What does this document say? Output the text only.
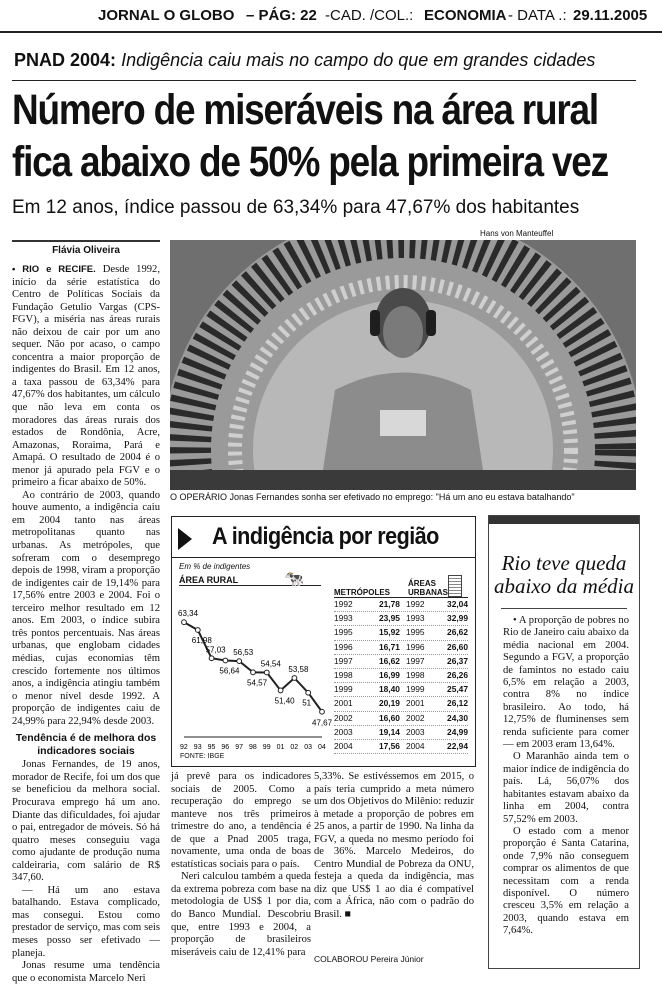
JORNAL O GLOBO – PÁG: 22 -CAD. /COL.: ECONOMIA - DATA .: 29.11.2005
PNAD 2004: Indigência caiu mais no campo do que em grandes cidades
Número de miseráveis na área rural
fica abaixo de 50% pela primeira vez
Em 12 anos, índice passou de 63,34% para 47,67% dos habitantes
Flávia Oliveira

• RIO e RECIFE. Desde 1992, início da série estatística do Centro de Políticas Sociais da Fundação Getulio Vargas (CPS-FGV), a miséria nas áreas rurais não deixou de cair por um ano sequer. Não por acaso, o campo concentra a maior proporção de indigentes do Brasil. Em 12 anos, a taxa passou de 63,34% para 47,67% dos habitantes, um cálculo que não leva em conta os moradores das áreas rurais dos estados de Rondônia, Acre, Amazonas, Roraima, Pará e Amapá. O resultado de 2004 é o menor já apurado pela FGV e o primeiro a ficar abaixo de 50%.

Ao contrário de 2003, quando houve aumento, a indigência caiu em 2004 tanto nas áreas metropolitanas quanto nas urbanas. As metrópoles, que sofreram com o desemprego depois de 1998, viram a proporção de indigentes cair de 19,14% para 17,56% entre 2003 e 2004. Foi o terceiro melhor resultado em 12 anos. Em 2003, o índice subira três pontos percentuais. Nas áreas urbanas, que englobam cidades médias, cujas economias têm crescido fortemente nos últimos anos, a indigência atingiu também o menor nível desde 1992. A proporção de indigentes caiu de 24,99% para 22,94% desde 2003.

Tendência é de melhora dos indicadores sociais

Jonas Fernandes, de 19 anos, morador de Recife, foi um dos que se beneficiou da melhora social. Procurava emprego há um ano. Diante das dificuldades, foi ajudar o pai, entregador de móveis. Só há quatro meses conseguiu vaga como ajudante de produção numa caldeiraria, com salário de R$ 347,60.

— Há um ano estava batalhando. Estava complicado, mas consegui. Estou como prestador de serviço, mas com seis meses posso ser efetivado — planeja.

Jonas resume uma tendência que o economista Marcelo Neri

Hans von Manteuffel
O OPERÁRIO Jonas Fernandes sonha ser efetivado no emprego: "Há um ano eu estava batalhando"
A indigência por região
Em % de indigentes
ÁREA RURAL	🐄
63,34
92
61,98
93
57,03
95
56,64
96
56,53
97
54,57
98
54,54
99
51,40
01
53,58
02
51
03
47,67
04
FONTE: IBGE
METRÓPOLES
ÁREAS URBANAS
1992	21,78 1992	32,04
1993	23,95 1993	32,99
1995	15,92 1995	26,62
1996	16,71 1996	26,60
1997	16,62 1997	26,37
1998	16,99 1998	26,26
1999	18,40 1999	25,47
2001	20,19 2001	26,12
2002	16,60 2002	24,30
2003	19,14 2003	24,99
2004	17,56 2004	22,94

já prevê para os indicadores sociais de 2005. Como a recuperação do emprego se manteve nos três primeiros trimestre do ano, a tendência é de que a Pnad 2005 traga, novamente, uma onda de boas estatísticas sociais para o país.

Neri calculou também a queda da extrema pobreza com base na metodologia de US$ 1 por dia, do Banco Mundial. Descobriu que, entre 1993 e 2004, a proporção de brasileiros miseráveis caiu de 12,41% para

5,33%. Se estivéssemos em 2015, o país teria cumprido a meta número um dos Objetivos do Milênio: reduzir à metade a proporção de pobres em 25 anos, a partir de 1990. Na linha da FGV, a queda no mesmo período foi de 36%. Marcelo Medeiros, do Centro Mundial de Pobreza da ONU, festeja a queda da indigência, mas diz que US$ 1 ao dia é compatível com a África, não com o padrão do Brasil. ■

COLABOROU Pereira Júnior
Rio teve queda abaixo da média

• A proporção de pobres no Rio de Janeiro caiu abaixo da média nacional em 2004. Segundo a FGV, a proporção de famintos no estado caiu 6,5% em relação a 2003, contra 8% no índice brasileiro. Ao todo, há 12,75% de fluminenses sem renda suficiente para comer — em 2003 eram 13,64%.

O Maranhão ainda tem o maior índice de indigência do país. Lá, 56,07% dos habitantes estavam abaixo da linha em 2004, contra 57,52% em 2003.

O estado com a menor proporção é Santa Catarina, onde 7,9% não conseguem comprar os alimentos de que necessitam com a renda disponível. O número cresceu 3,5% em relação a 2003, quando estava em 7,64%.
